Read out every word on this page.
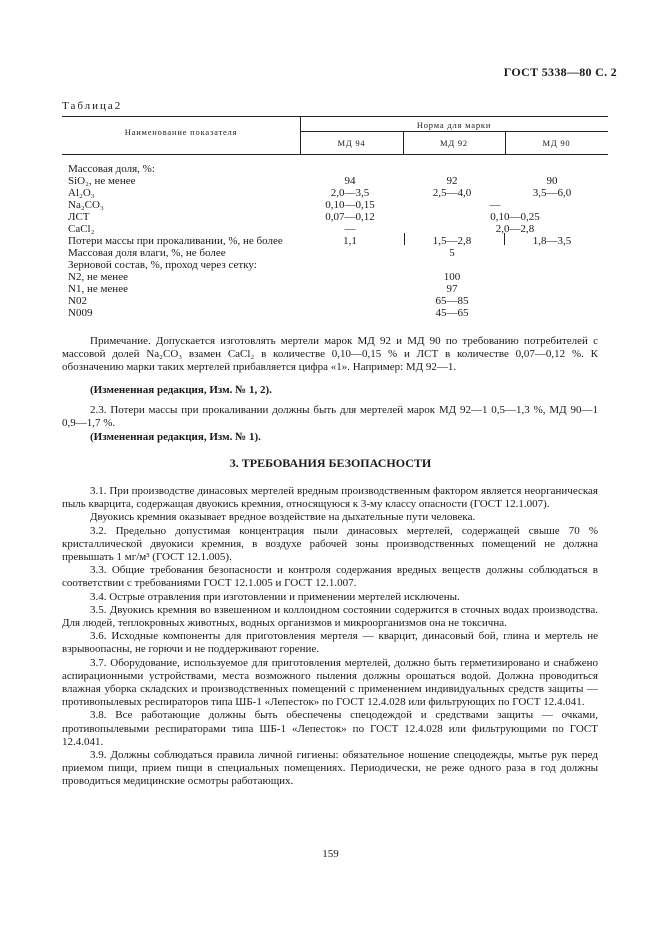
ГОСТ 5338—80 С. 2
Таблица2
Наименование показателя
Норма для марки
МД 94	МД 92	МД 90
Массовая доля, %:
SiO₂, не менее	94	92	90
Al₂O₃	2,0—3,5	2,5—4,0	3,5—6,0
Na₂CO₃	0,10—0,15	—
ЛСТ	0,07—0,12	0,10—0,25
CaCl₂	—	2,0—2,8
Потери массы при прокаливании, %, не более	1,1	1,5—2,8	1,8—3,5
Массовая доля влаги, %, не более	5
Зерновой состав, %, проход через сетку:
N2, не менее	100
N1, не менее	97
N02	65—85
N009	45—65
Примечание. Допускается изготовлять мертели марок МД 92 и МД 90 по требованию потребителей с массовой долей Na₂CO₃ взамен CaCl₂ в количестве 0,10—0,15 % и ЛСТ в количестве 0,07—0,12 %. К обозначению марки таких мертелей прибавляется цифра «1». Например: МД 92—1.
(Измененная редакция, Изм. № 1, 2).
2.3. Потери массы при прокаливании должны быть для мертелей марок МД 92—1 0,5—1,3 %, МД 90—1 0,9—1,7 %.
(Измененная редакция, Изм. № 1).
3. ТРЕБОВАНИЯ БЕЗОПАСНОСТИ
3.1. При производстве динасовых мертелей вредным производственным фактором является неорганическая пыль кварцита, содержащая двуокись кремния, относящуюся к 3-му классу опасности (ГОСТ 12.1.007).
Двуокись кремния оказывает вредное воздействие на дыхательные пути человека.
3.2. Предельно допустимая концентрация пыли динасовых мертелей, содержащей свыше 70 % кристаллической двуокиси кремния, в воздухе рабочей зоны производственных помещений не должна превышать 1 мг/м³ (ГОСТ 12.1.005).
3.3. Общие требования безопасности и контроля содержания вредных веществ должны соблюдаться в соответствии с требованиями ГОСТ 12.1.005 и ГОСТ 12.1.007.
3.4. Острые отравления при изготовлении и применении мертелей исключены.
3.5. Двуокись кремния во взвешенном и коллоидном состоянии содержится в сточных водах производства. Для людей, теплокровных животных, водных организмов и микроорганизмов она не токсична.
3.6. Исходные компоненты для приготовления мертеля — кварцит, динасовый бой, глина и мертель не взрывоопасны, не горючи и не поддерживают горение.
3.7. Оборудование, используемое для приготовления мертелей, должно быть герметизировано и снабжено аспирационными устройствами, места возможного пыления должны орошаться водой. Должна проводиться влажная уборка складских и производственных помещений с применением индивидуальных средств защиты — противопылевых респираторов типа ШБ-1 «Лепесток» по ГОСТ 12.4.028 или фильтрующих по ГОСТ 12.4.041.
3.8. Все работающие должны быть обеспечены спецодеждой и средствами защиты — очками, противопылевыми респираторами типа ШБ-1 «Лепесток» по ГОСТ 12.4.028 или фильтрующими по ГОСТ 12.4.041.
3.9. Должны соблюдаться правила личной гигиены: обязательное ношение спецодежды, мытье рук перед приемом пищи, прием пищи в специальных помещениях. Периодически, не реже одного раза в год должны проводиться медицинские осмотры работающих.
159
